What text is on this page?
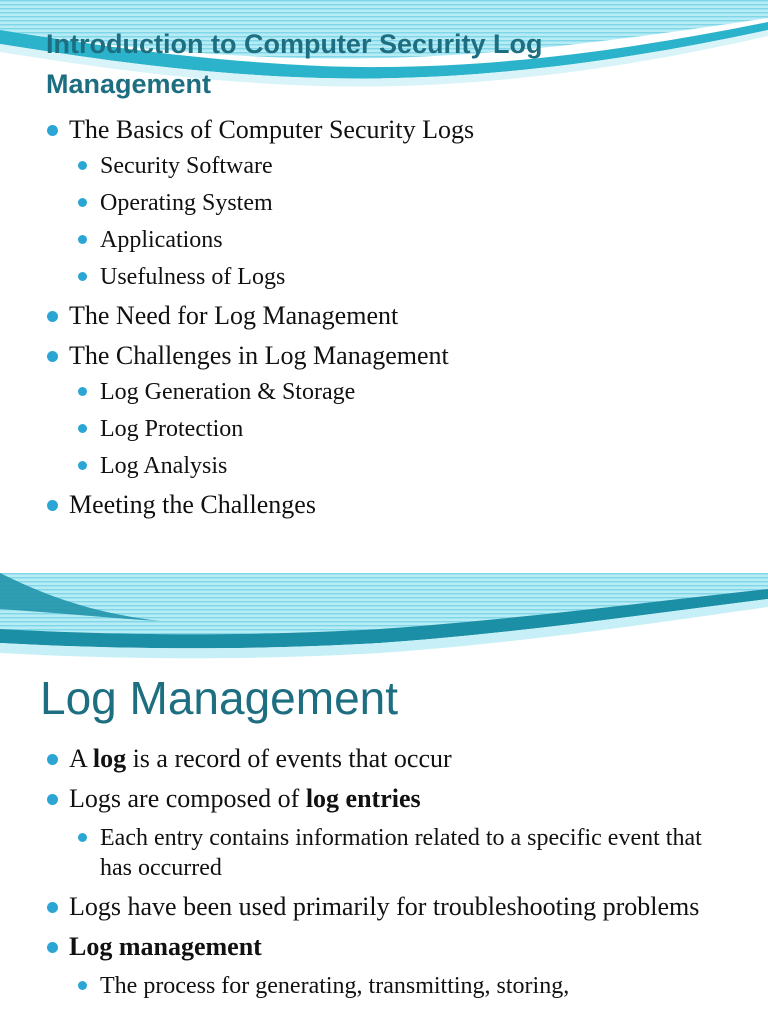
Introduction to Computer Security Log Management
The Basics of Computer Security Logs
Security Software
Operating System
Applications
Usefulness of Logs
The Need for Log Management
The Challenges in Log Management
Log Generation & Storage
Log Protection
Log Analysis
Meeting the Challenges
Log Management
A log is a record of events that occur
Logs are composed of log entries
Each entry contains information related to a specific event that has occurred
Logs have been used primarily for troubleshooting problems
Log management
The process for generating, transmitting, storing,
